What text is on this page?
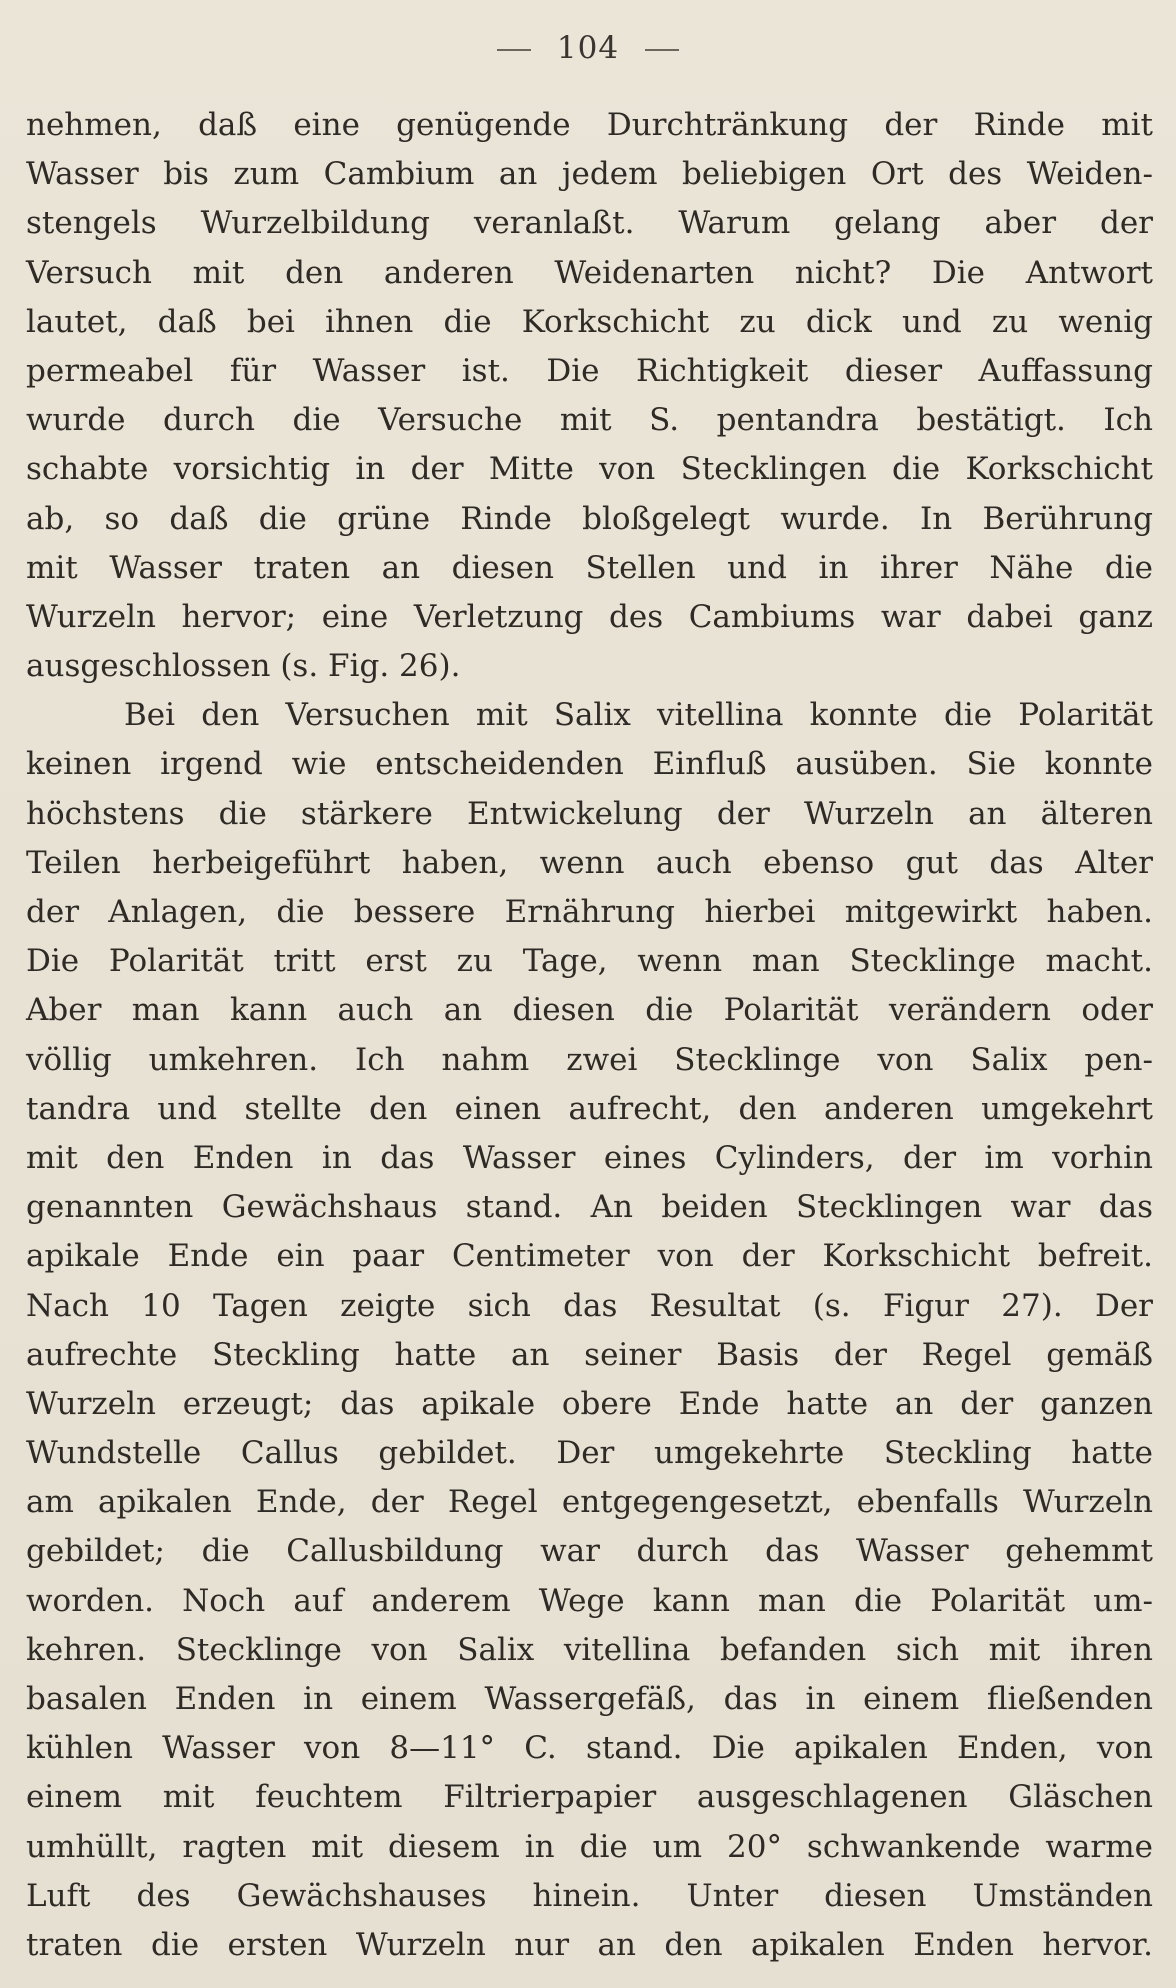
104
nehmen, daß eine genügende Durchtränkung der Rinde mit
Wasser bis zum Cambium an jedem beliebigen Ort des Weiden-
stengels Wurzelbildung veranlaßt. Warum gelang aber der
Versuch mit den anderen Weidenarten nicht? Die Antwort
lautet, daß bei ihnen die Korkschicht zu dick und zu wenig
permeabel für Wasser ist. Die Richtigkeit dieser Auffassung
wurde durch die Versuche mit S. pentandra bestätigt. Ich
schabte vorsichtig in der Mitte von Stecklingen die Korkschicht
ab, so daß die grüne Rinde bloßgelegt wurde. In Berührung
mit Wasser traten an diesen Stellen und in ihrer Nähe die
Wurzeln hervor; eine Verletzung des Cambiums war dabei ganz
ausgeschlossen (s. Fig. 26).
Bei den Versuchen mit Salix vitellina konnte die Polarität
keinen irgend wie entscheidenden Einfluß ausüben. Sie konnte
höchstens die stärkere Entwickelung der Wurzeln an älteren
Teilen herbeigeführt haben, wenn auch ebenso gut das Alter
der Anlagen, die bessere Ernährung hierbei mitgewirkt haben.
Die Polarität tritt erst zu Tage, wenn man Stecklinge macht.
Aber man kann auch an diesen die Polarität verändern oder
völlig umkehren. Ich nahm zwei Stecklinge von Salix pen-
tandra und stellte den einen aufrecht, den anderen umgekehrt
mit den Enden in das Wasser eines Cylinders, der im vorhin
genannten Gewächshaus stand. An beiden Stecklingen war das
apikale Ende ein paar Centimeter von der Korkschicht befreit.
Nach 10 Tagen zeigte sich das Resultat (s. Figur 27). Der
aufrechte Steckling hatte an seiner Basis der Regel gemäß
Wurzeln erzeugt; das apikale obere Ende hatte an der ganzen
Wundstelle Callus gebildet. Der umgekehrte Steckling hatte
am apikalen Ende, der Regel entgegengesetzt, ebenfalls Wurzeln
gebildet; die Callusbildung war durch das Wasser gehemmt
worden. Noch auf anderem Wege kann man die Polarität um-
kehren. Stecklinge von Salix vitellina befanden sich mit ihren
basalen Enden in einem Wassergefäß, das in einem fließenden
kühlen Wasser von 8—11° C. stand. Die apikalen Enden, von
einem mit feuchtem Filtrierpapier ausgeschlagenen Gläschen
umhüllt, ragten mit diesem in die um 20° schwankende warme
Luft des Gewächshauses hinein. Unter diesen Umständen
traten die ersten Wurzeln nur an den apikalen Enden hervor.
